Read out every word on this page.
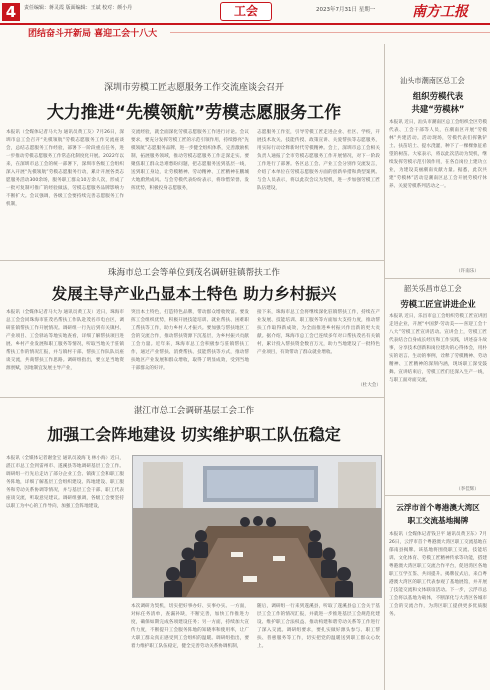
4	责任编辑：蒋灵霞 版面编辑：王斌 校对：颜小丹	工会	2023年7月31日 星期一	南方工报
团结奋斗开新局 喜迎工会十八大
深圳市劳模工匠志愿服务工作交流座谈会召开
大力推进“先模领航”劳模志愿服务工作
本报讯（全媒体记者马大为 通讯员黄工友）7月26日，深圳市总工会召开“先模领航”劳模志愿服务工作交流座谈会，总结志愿服务工作经验，部署下一阶段重点任务，进一步推动劳模志愿服务工作常态化制度化开展。2022年以来，在深圳市总工会的统一部署下，深圳市各级工会组织深入开展“先模领航”劳模志愿服务行动，累计开展各类志愿服务活动300余场，服务职工群众10万余人次，形成了一批可复制可推广的经验做法，劳模志愿服务品牌影响力不断扩大。会议强调，各级工会要持续完善志愿服务工作机制，
交流经验，就全面深化劳模志愿服务工作进行讨论。会议要求，要充分发挥劳模工匠的示范引领作用，持续擦亮“先模领航”志愿服务品牌，进一步健全组织体系，完善激励机制，拓展服务领域，推动劳模志愿服务工作走深走实。要聚焦职工群众急难愁盼问题，把志愿服务送到基层一线，送到职工身边，让劳模精神、劳动精神、工匠精神在鹏城大地蔚然成风。与会劳模代表纷纷表示，将珍惜荣誉、发挥优势，积极投身志愿服务，
志愿服务工作室，引导劳模工匠走进企业、社区、学校，开展技术攻关、技能传授、政策宣讲、关爱帮扶等志愿服务，用实际行动诠释新时代劳模精神。会上，深圳市总工会相关负责人通报了全市劳模志愿服务工作开展情况，对下一阶段工作进行了部署。各区总工会、产业工会分别作交流发言，介绍了本单位在劳模志愿服务方面的创新举措和典型案例。与会人员表示，将以此次会议为契机，进一步加强劳模工匠队伍建设，
珠海市总工会等单位到茂名调研驻镇帮扶工作
发展主导产业凸显本土特色 助力乡村振兴
本报讯（全媒体记者马大为 通讯员黄工友）近日，珠海市总工会会同珠海市驻茂名帮扶工作队赴茂名市电白区，调研驻镇帮扶工作开展情况。调研组一行先后到有关镇村、产业项目、工会驿站等地实地查看，详细了解帮扶项目进展、乡村产业发展和职工服务等情况，听取当地关于驻镇帮扶工作的情况汇报，并与镇村干部、帮扶工作队队员座谈交流，共商帮扶工作思路。调研组指出，要立足当地资源禀赋，因地制宜发展主导产业，
突出本土特色，打造特色品牌，带动群众增收致富。要发挥工会组织优势，积极开展技能培训、就业帮扶、困难职工帮扶等工作，助力乡村人才振兴。要加强与帮扶地区工会的交流合作，推动帮扶资源下沉基层，为乡村振兴贡献工会力量。近年来，珠海市总工会积极参与驻镇帮扶工作，通过产业帮扶、消费帮扶、技能帮扶等方式，推动帮扶地区产业发展和群众增收，取得了明显成效，受到当地干部群众的好评。
接下来，珠海市总工会将继续深化驻镇帮扶工作，持续在产业发展、技能培训、职工服务等方面加大支持力度，推动帮扶工作取得新成效，为全面推进乡村振兴作出新的更大贡献。据介绍，珠海市总工会已连续多年对口帮扶茂名有关镇村，累计投入帮扶资金数百万元，助力当地建设了一批特色产业项目，有效带动了群众就业增收。
（杜大会）
湛江市总工会调研基层工会工作
加强工会阵地建设 切实维护职工队伍稳定
本报讯（全媒体记者谢金宝 通讯员凌海飞 林小海）近日，湛江市总工会到雷州市、遂溪县等地调研基层工会工作。调研组一行先后走访了部分企业工会、镇街工会和职工服务阵地，详细了解基层工会组织建设、阵地建设、职工服务和劳动关系协调等情况，并与基层工会干部、职工代表座谈交流，听取意见建议。调研组强调，各级工会要坚持以职工为中心的工作导向，加强工会阵地建设，
本次调研为契机，切实把好事办好、实事办实。一方面，对标任务清单，查漏补缺，不断完善，加快工作推进力度，确保如期完成各项建设任务；另一方面，持续加大宣传力度，不断提升工会服务阵地的知晓率和使用率，让广大职工群众真正感受到工会组织的温暖。调研组指出，要着力维护职工队伍稳定，健全完善劳动关系协调机制，
随后，调研组一行来到遂溪县，听取了遂溪县总工会关于基层工会工作的情况汇报，并就进一步推进基层工会规范化建设、维护职工合法权益、推动构建和谐劳动关系等工作进行了深入交流。调研组要求，要扎实做好源头参与、职工帮扶、普惠服务等工作，切实把党的温暖送到职工群众心坎上。
汕头市潮南区总工会
组织劳模代表
共建“劳模林”
本报讯 近日，汕头市潮南区总工会组织全区劳模代表、工会干部等人员，在潮南区开展“劳模林”共建活动。活动现场，劳模代表们挥锹铲土、扶苗培土、提水浇灌，种下了一棵棵象征希望的树苗。大家表示，将以此次活动为契机，继续发挥劳模示范引领作用，在各自岗位上建功立业，为建设美丽潮南贡献力量。据悉，此次共建“劳模林”活动是潮南区总工会开展劳模疗休养、关爱劳模系列活动之一。
（许南乐）
韶关乐昌市总工会
劳模工匠宣讲进企业
本报讯 近日，乐昌市总工会组织劳模工匠宣讲团走进企业，开展“中国梦·劳动美——喜迎工会十八大”劳模工匠宣讲活动。宣讲会上，劳模工匠代表结合自身成长经历和工作实践，讲述奋斗故事，分享技术创新和岗位建功的心得体会，用朴实的语言、生动的事例，诠释了劳模精神、劳动精神、工匠精神的深刻内涵，现场职工深受鼓舞。宣讲结束后，劳模工匠们还深入生产一线，与职工面对面交流，
（李佳辉）
云浮市首个粤港澳大湾区
职工交流基地揭牌
本报讯（全媒体记者钱卫平 通讯员黄卫东）7月26日，云浮市首个粤港澳大湾区职工交流基地在郁南县揭牌。该基地将围绕职工交流、技能培训、文化体育、劳模工匠精神传承等功能，搭建粤港澳大湾区职工交流合作平台，促进湾区各地职工互学互鉴、共同提升。揭牌仪式后，来自粤港澳大湾区的职工代表参观了基地展馆，并开展了技能交流和文体联谊活动。下一步，云浮市总工会将以基地为载体，不断深化与大湾区各城市工会的交流合作，为湾区职工提供更多优质服务。
